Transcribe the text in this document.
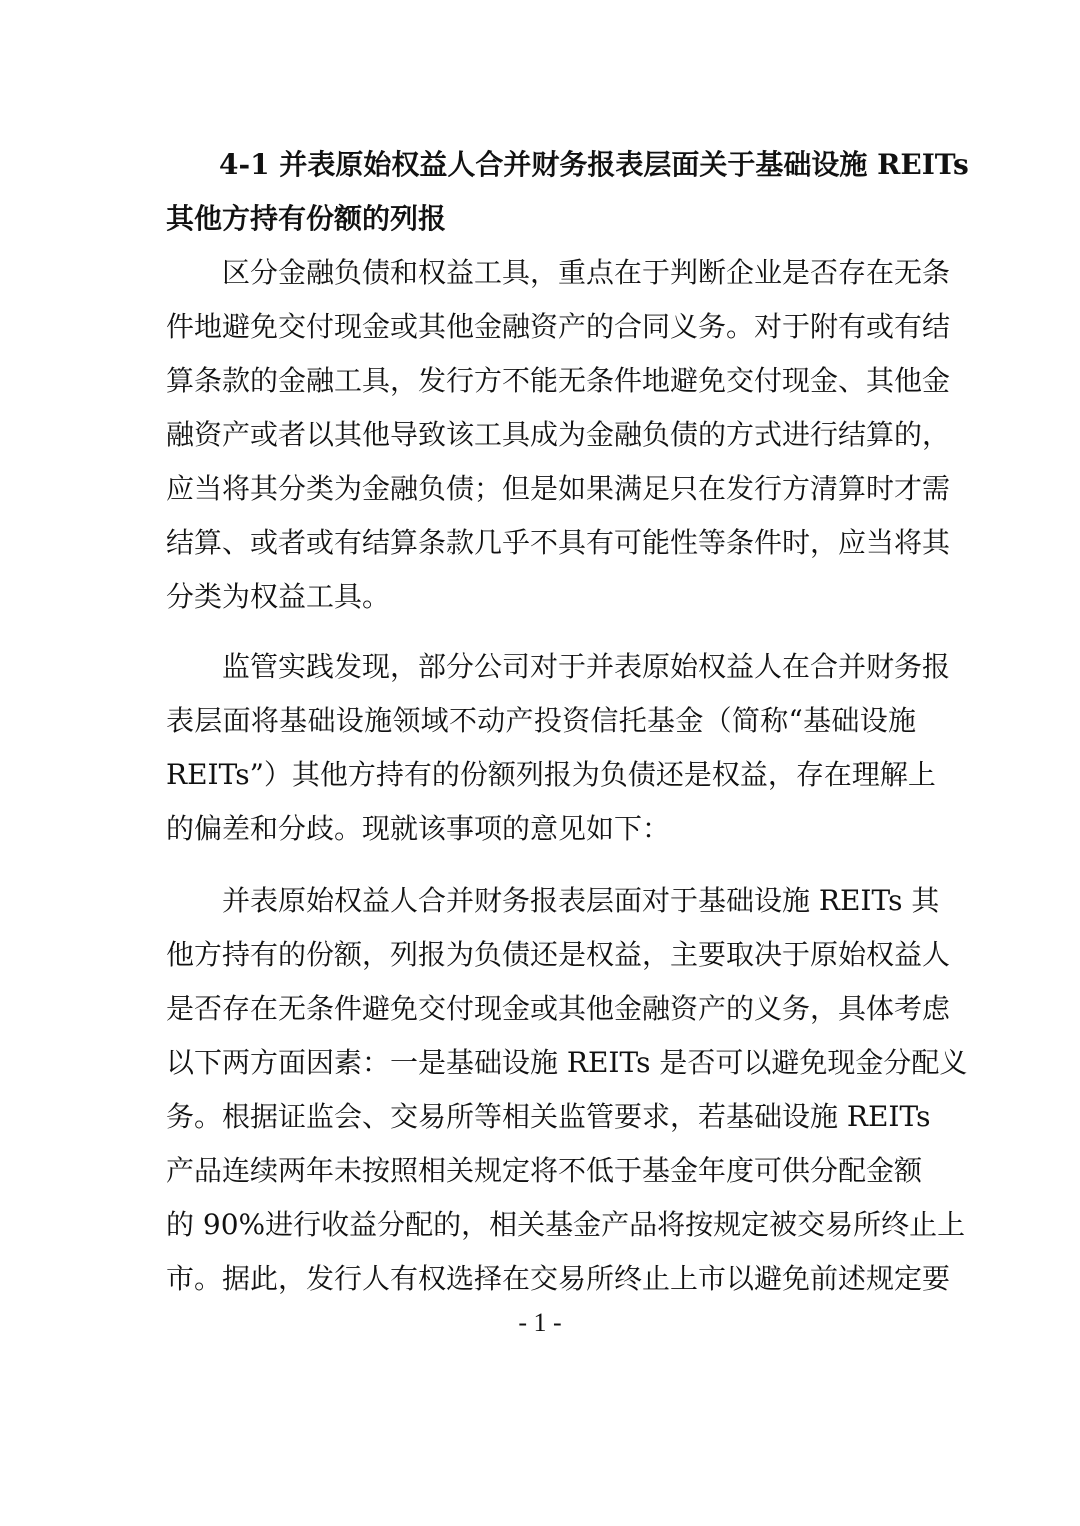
4-1 并表原始权益人合并财务报表层面关于基础设施 REITs
其他方持有份额的列报
区分金融负债和权益工具，重点在于判断企业是否存在无条
件地避免交付现金或其他金融资产的合同义务。对于附有或有结
算条款的金融工具，发行方不能无条件地避免交付现金、其他金
融资产或者以其他导致该工具成为金融负债的方式进行结算的，
应当将其分类为金融负债；但是如果满足只在发行方清算时才需
结算、或者或有结算条款几乎不具有可能性等条件时，应当将其
分类为权益工具。
监管实践发现，部分公司对于并表原始权益人在合并财务报
表层面将基础设施领域不动产投资信托基金（简称“基础设施
REITs”）其他方持有的份额列报为负债还是权益，存在理解上
的偏差和分歧。现就该事项的意见如下：
并表原始权益人合并财务报表层面对于基础设施 REITs 其
他方持有的份额，列报为负债还是权益，主要取决于原始权益人
是否存在无条件避免交付现金或其他金融资产的义务，具体考虑
以下两方面因素：一是基础设施 REITs 是否可以避免现金分配义
务。根据证监会、交易所等相关监管要求，若基础设施 REITs
产品连续两年未按照相关规定将不低于基金年度可供分配金额
的 90%进行收益分配的，相关基金产品将按规定被交易所终止上
市。据此，发行人有权选择在交易所终止上市以避免前述规定要
- 1 -
